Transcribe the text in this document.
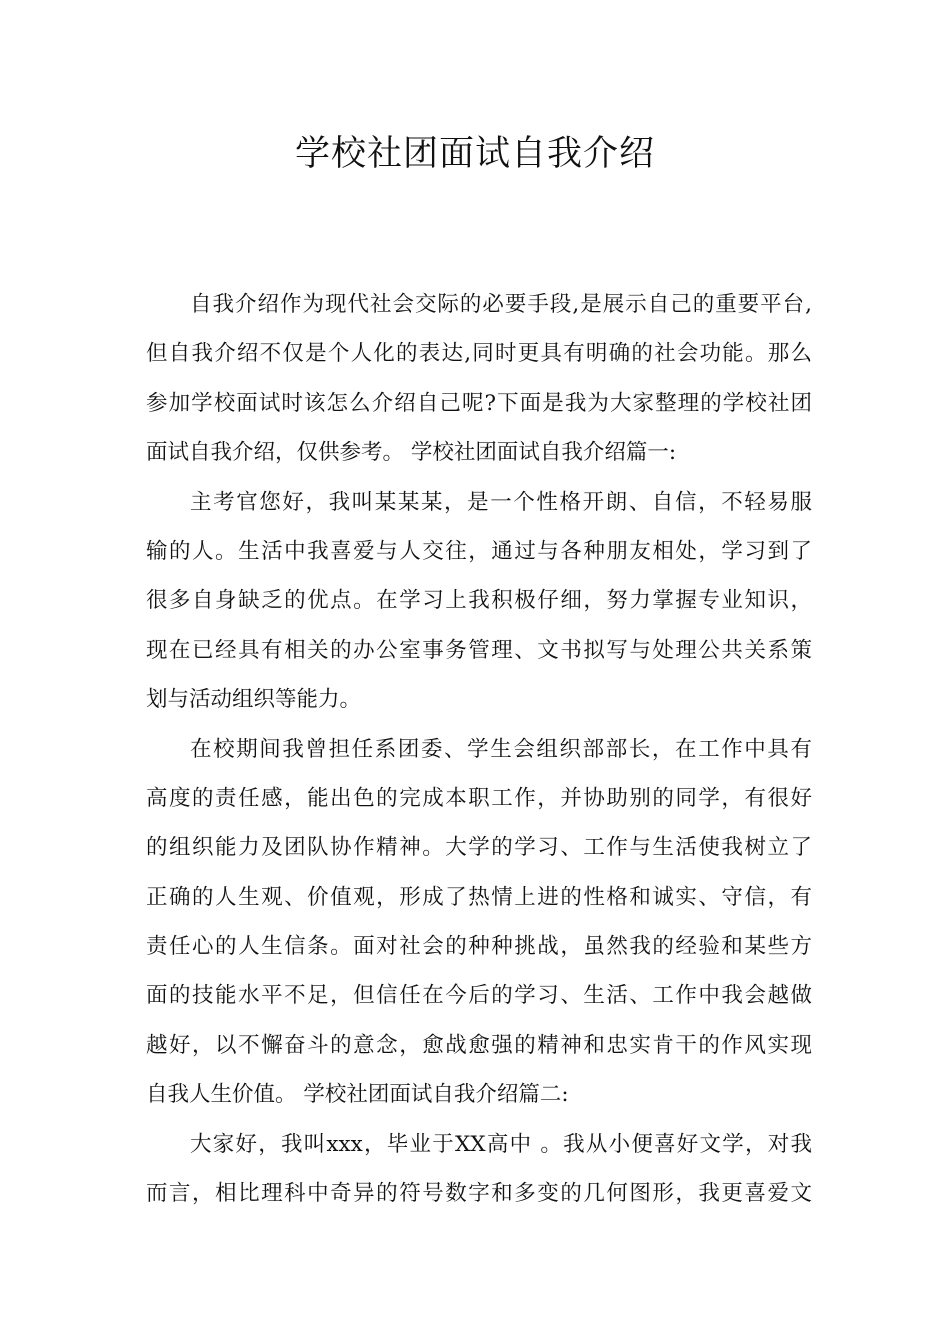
学校社团面试自我介绍
自我介绍作为现代社会交际的必要手段,是展示自己的重要平台,
但自我介绍不仅是个人化的表达,同时更具有明确的社会功能。那么
参加学校面试时该怎么介绍自己呢?下面是我为大家整理的学校社团
面试自我介绍，仅供参考。 学校社团面试自我介绍篇一:
主考官您好，我叫某某某，是一个性格开朗、自信，不轻易服
输的人。生活中我喜爱与人交往，通过与各种朋友相处，学习到了
很多自身缺乏的优点。在学习上我积极仔细，努力掌握专业知识，
现在已经具有相关的办公室事务管理、文书拟写与处理公共关系策
划与活动组织等能力。
在校期间我曾担任系团委、学生会组织部部长，在工作中具有
高度的责任感，能出色的完成本职工作，并协助别的同学，有很好
的组织能力及团队协作精神。大学的学习、工作与生活使我树立了
正确的人生观、价值观，形成了热情上进的性格和诚实、守信，有
责任心的人生信条。面对社会的种种挑战，虽然我的经验和某些方
面的技能水平不足，但信任在今后的学习、生活、工作中我会越做
越好，以不懈奋斗的意念，愈战愈强的精神和忠实肯干的作风实现
自我人生价值。 学校社团面试自我介绍篇二:
大家好，我叫xxx，毕业于XX高中 。我从小便喜好文学，对我
而言，相比理科中奇异的符号数字和多变的几何图形，我更喜爱文
